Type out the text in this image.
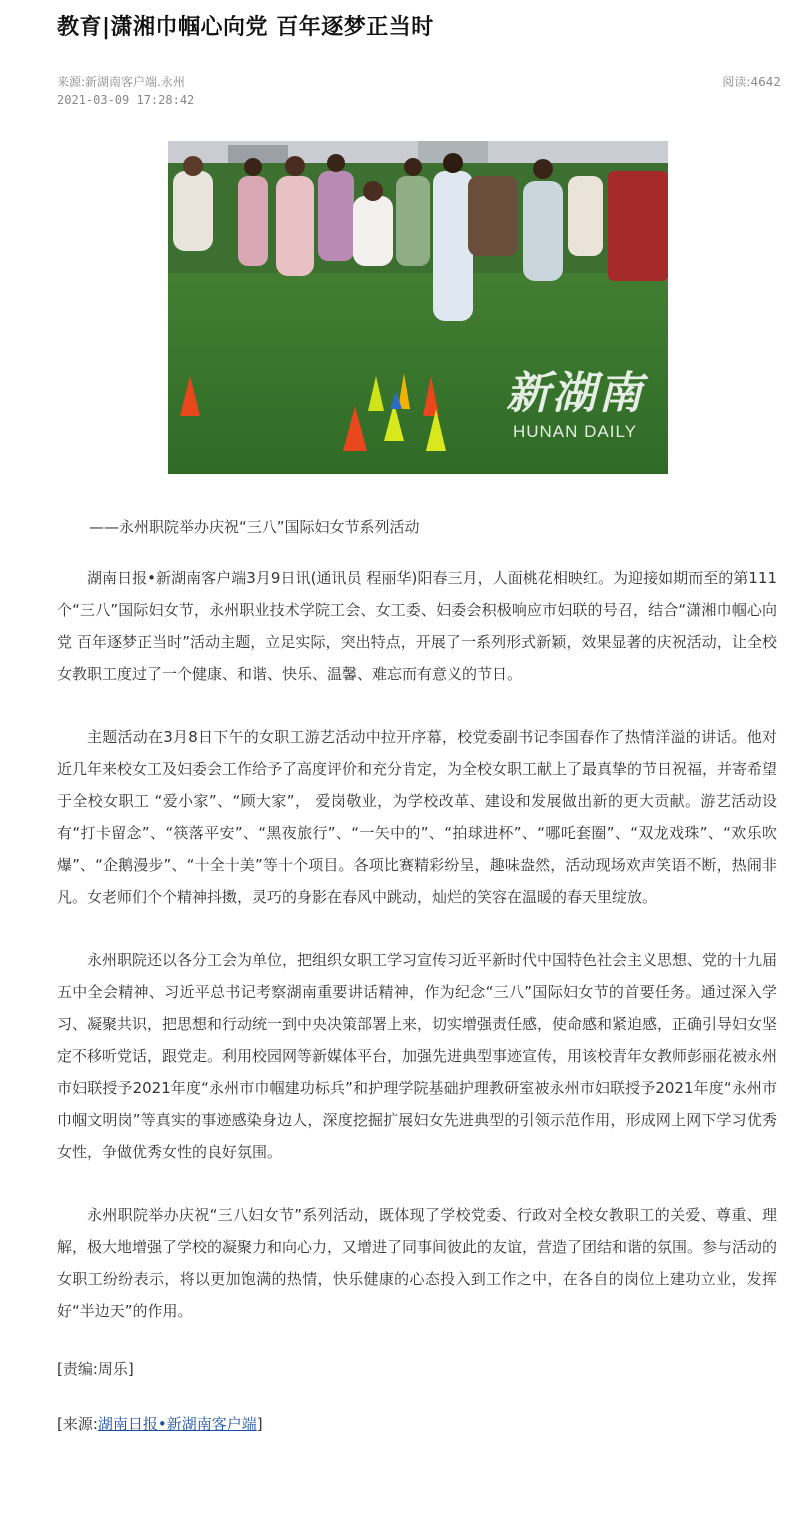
教育|潇湘巾帼心向党 百年逐梦正当时
来源:新湖南客户端.永州
2021-03-09 17:28:42
阅读:4642
新湖南
HUNAN DAILY

——永州职院举办庆祝“三八”国际妇女节系列活动

湖南日报•新湖南客户端3月9日讯(通讯员 程丽华)阳春三月，人面桃花相映红。为迎接如期而至的第111个“三八”国际妇女节，永州职业技术学院工会、女工委、妇委会积极响应市妇联的号召，结合“潇湘巾帼心向党 百年逐梦正当时”活动主题，立足实际，突出特点，开展了一系列形式新颖，效果显著的庆祝活动，让全校女教职工度过了一个健康、和谐、快乐、温馨、难忘而有意义的节日。

主题活动在3月8日下午的女职工游艺活动中拉开序幕，校党委副书记李国春作了热情洋溢的讲话。他对近几年来校女工及妇委会工作给予了高度评价和充分肯定，为全校女职工献上了最真挚的节日祝福，并寄希望于全校女职工 “爱小家”、“顾大家”， 爱岗敬业，为学校改革、建设和发展做出新的更大贡献。游艺活动设有“打卡留念”、“筷落平安”、“黑夜旅行”、“一矢中的”、“拍球进杯”、“哪吒套圈”、“双龙戏珠”、“欢乐吹爆”、“企鹅漫步”、“十全十美”等十个项目。各项比赛精彩纷呈，趣味盎然，活动现场欢声笑语不断，热闹非凡。女老师们个个精神抖擞，灵巧的身影在春风中跳动，灿烂的笑容在温暖的春天里绽放。

永州职院还以各分工会为单位，把组织女职工学习宣传习近平新时代中国特色社会主义思想、党的十九届五中全会精神、习近平总书记考察湖南重要讲话精神，作为纪念“三八”国际妇女节的首要任务。通过深入学习、凝聚共识，把思想和行动统一到中央决策部署上来，切实增强责任感，使命感和紧迫感，正确引导妇女坚定不移听党话，跟党走。利用校园网等新媒体平台，加强先进典型事迹宣传，用该校青年女教师彭丽花被永州市妇联授予2021年度“永州市巾帼建功标兵”和护理学院基础护理教研室被永州市妇联授予2021年度“永州市巾帼文明岗”等真实的事迹感染身边人，深度挖掘扩展妇女先进典型的引领示范作用，形成网上网下学习优秀女性，争做优秀女性的良好氛围。

永州职院举办庆祝“三八妇女节”系列活动，既体现了学校党委、行政对全校女教职工的关爱、尊重、理解，极大地增强了学校的凝聚力和向心力，又增进了同事间彼此的友谊，营造了团结和谐的氛围。参与活动的女职工纷纷表示，将以更加饱满的热情，快乐健康的心态投入到工作之中，在各自的岗位上建功立业，发挥好“半边天”的作用。

[责编:周乐]
[来源:湖南日报•新湖南客户端]
